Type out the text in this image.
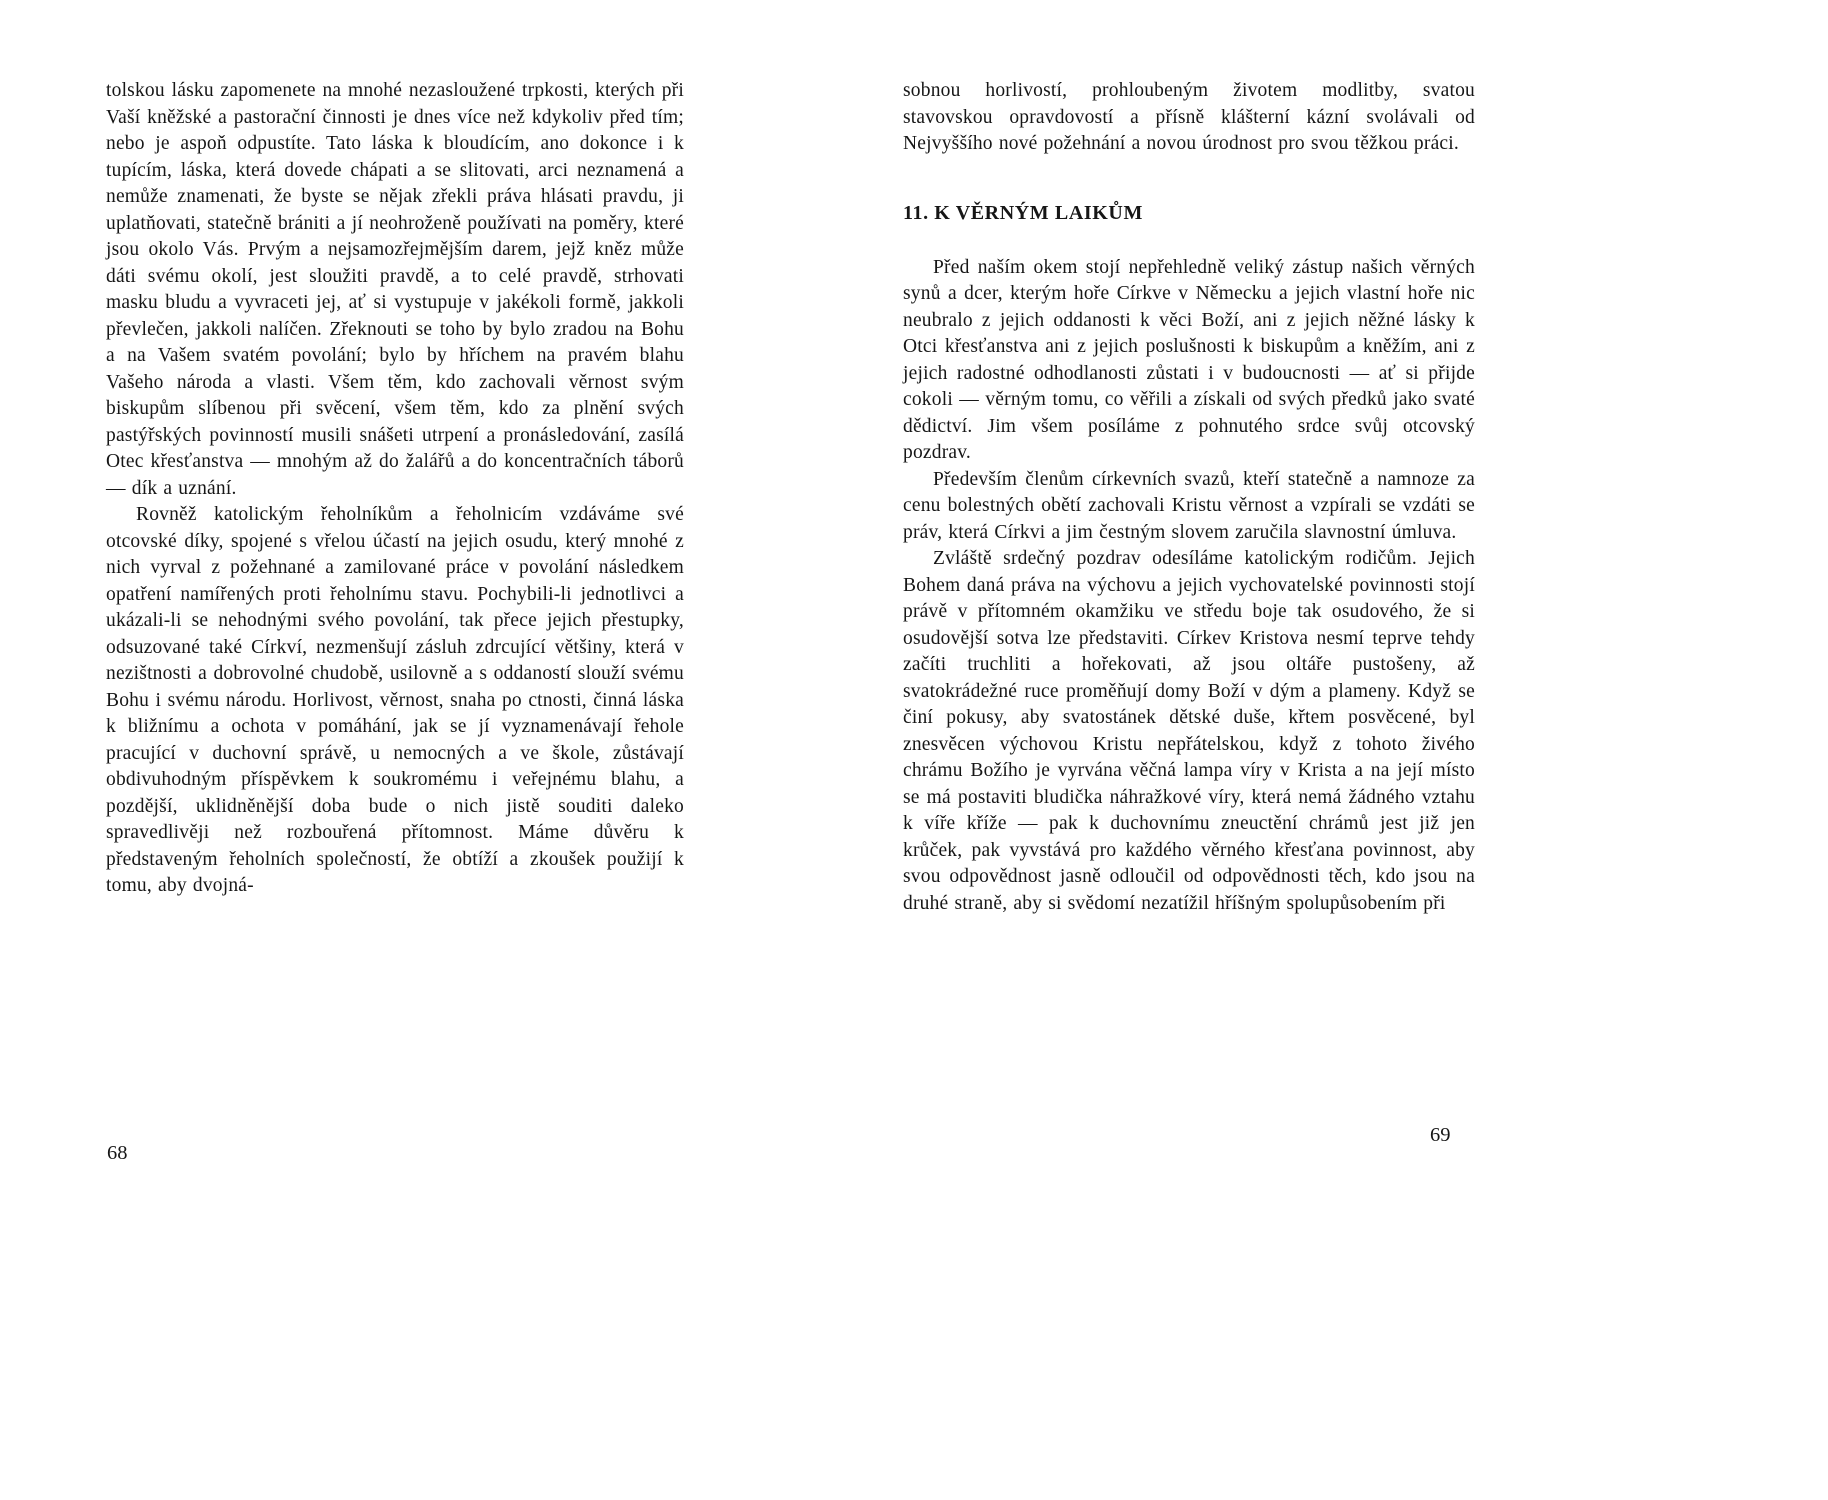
tolskou lásku zapomenete na mnohé nezasloužené trpkosti, kterých při Vaší kněžské a pastorační činnosti je dnes více než kdykoliv před tím; nebo je aspoň odpustíte. Tato láska k bloudícím, ano dokonce i k tupícím, láska, která dovede chápati a se slitovati, arci neznamená a nemůže znamenati, že byste se nějak zřekli práva hlásati pravdu, ji uplatňovati, statečně brániti a jí neohroženě používati na poměry, které jsou okolo Vás. Prvým a nejsamozřejmějším darem, jejž kněz může dáti svému okolí, jest sloužiti pravdě, a to celé pravdě, strhovati masku bludu a vyvraceti jej, ať si vystupuje v jakékoli formě, jakkoli převlečen, jakkoli nalíčen. Zřeknouti se toho by bylo zradou na Bohu a na Vašem svatém povolání; bylo by hříchem na pravém blahu Vašeho národa a vlasti. Všem těm, kdo zachovali věrnost svým biskupům slíbenou při svěcení, všem těm, kdo za plnění svých pastýřských povinností musili snášeti utrpení a pronásledování, zasílá Otec křesťanstva — mnohým až do žalářů a do koncentračních táborů — dík a uznání.

Rovněž katolickým řeholníkům a řeholnicím vzdáváme své otcovské díky, spojené s vřelou účastí na jejich osudu, který mnohé z nich vyrval z požehnané a zamilované práce v povolání následkem opatření namířených proti řeholnímu stavu. Pochybili-li jednotlivci a ukázali-li se nehodnými svého povolání, tak přece jejich přestupky, odsuzované také Církví, nezmenšují zásluh zdrcující většiny, která v nezištnosti a dobrovolné chudobě, usilovně a s oddaností slouží svému Bohu i svému národu. Horlivost, věrnost, snaha po ctnosti, činná láska k bližnímu a ochota v pomáhání, jak se jí vyznamenávají řehole pracující v duchovní správě, u nemocných a ve škole, zůstávají obdivuhodným příspěvkem k soukromému i veřejnému blahu, a pozdější, uklidněnější doba bude o nich jistě souditi daleko spravedlivěji než rozbouřená přítomnost. Máme důvěru k představeným řeholních společností, že obtíží a zkoušek použijí k tomu, aby dvojná-

sobnou horlivostí, prohloubeným životem modlitby, svatou stavovskou opravdovostí a přísně klášterní kázní svolávali od Nejvyššího nové požehnání a novou úrodnost pro svou těžkou práci.

11. K VĚRNÝM LAIKŮM

Před naším okem stojí nepřehledně veliký zástup našich věrných synů a dcer, kterým hoře Církve v Německu a jejich vlastní hoře nic neubralo z jejich oddanosti k věci Boží, ani z jejich něžné lásky k Otci křesťanstva ani z jejich poslušnosti k biskupům a kněžím, ani z jejich radostné odhodlanosti zůstati i v budoucnosti — ať si přijde cokoli — věrným tomu, co věřili a získali od svých předků jako svaté dědictví. Jim všem posíláme z pohnutého srdce svůj otcovský pozdrav.

Především členům církevních svazů, kteří statečně a namnoze za cenu bolestných obětí zachovali Kristu věrnost a vzpírali se vzdáti se práv, která Církvi a jim čestným slovem zaručila slavnostní úmluva.

Zvláště srdečný pozdrav odesíláme katolickým rodičům. Jejich Bohem daná práva na výchovu a jejich vychovatelské povinnosti stojí právě v přítomném okamžiku ve středu boje tak osudového, že si osudovější sotva lze představiti. Církev Kristova nesmí teprve tehdy začíti truchliti a hořekovati, až jsou oltáře pustošeny, až svatokrádežné ruce proměňují domy Boží v dým a plameny. Když se činí pokusy, aby svatostánek dětské duše, křtem posvěcené, byl znesvěcen výchovou Kristu nepřátelskou, když z tohoto živého chrámu Božího je vyrvána věčná lampa víry v Krista a na její místo se má postaviti bludička náhražkové víry, která nemá žádného vztahu k víře kříže — pak k duchovnímu zneuctění chrámů jest již jen krůček, pak vyvstává pro každého věrného křesťana povinnost, aby svou odpovědnost jasně odloučil od odpovědnosti těch, kdo jsou na druhé straně, aby si svědomí nezatížil hříšným spolupůsobením při

68
69
